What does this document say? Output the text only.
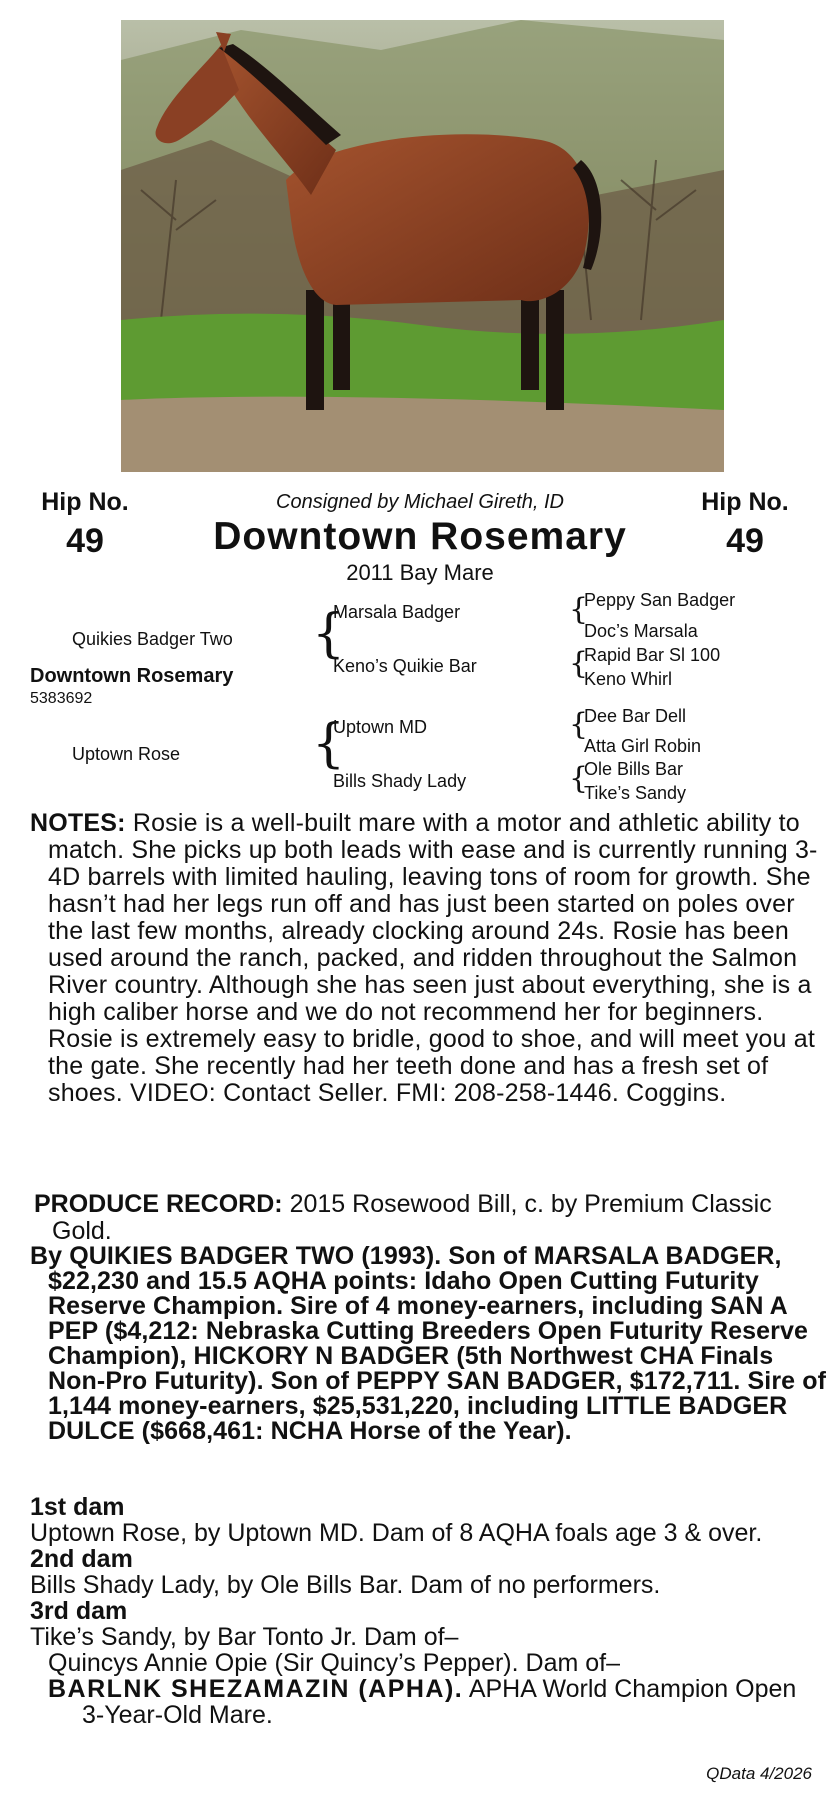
Hip No.
49
Hip No.
49
Consigned by Michael Gireth, ID
Downtown Rosemary
2011 Bay Mare
Quikies Badger Two
Downtown Rosemary
5383692
Uptown Rose
{
{
Marsala Badger
Keno’s Quikie Bar
Uptown MD
Bills Shady Lady
{
{
{
{
Peppy San Badger
Doc’s Marsala
Rapid Bar Sl 100
Keno Whirl
Dee Bar Dell
Atta Girl Robin
Ole Bills Bar
Tike’s Sandy
NOTES: Rosie is a well-built mare with a motor and athletic ability to match. She picks up both leads with ease and is currently running 3-4D barrels with limited hauling, leaving tons of room for growth. She hasn’t had her legs run off and has just been started on poles over the last few months, already clocking around 24s. Rosie has been used around the ranch, packed, and ridden throughout the Salmon River country. Although she has seen just about everything, she is a high caliber horse and we do not recommend her for beginners. Rosie is extremely easy to bridle, good to shoe, and will meet you at the gate. She recently had her teeth done and has a fresh set of shoes. VIDEO: Contact Seller. FMI: 208-258-1446. Coggins.
PRODUCE RECORD: 2015 Rosewood Bill, c. by Premium Classic Gold.
By QUIKIES BADGER TWO (1993). Son of MARSALA BADGER, $22,230 and 15.5 AQHA points: Idaho Open Cutting Futurity Reserve Champion. Sire of 4 money-earners, including SAN A PEP ($4,212: Nebraska Cutting Breeders Open Futurity Reserve Champion), HICKORY N BADGER (5th Northwest CHA Finals Non-Pro Futurity). Son of PEPPY SAN BADGER, $172,711. Sire of 1,144 money-earners, $25,531,220, including LITTLE BADGER DULCE ($668,461: NCHA Horse of the Year).
1st dam
Uptown Rose, by Uptown MD. Dam of 8 AQHA foals age 3 & over.
2nd dam
Bills Shady Lady, by Ole Bills Bar. Dam of no performers.
3rd dam
Tike’s Sandy, by Bar Tonto Jr. Dam of–
Quincys Annie Opie (Sir Quincy’s Pepper). Dam of–
BARLNK SHEZAMAZIN (APHA). APHA World Champion Open 3-Year-Old Mare.
QData 4/2026
